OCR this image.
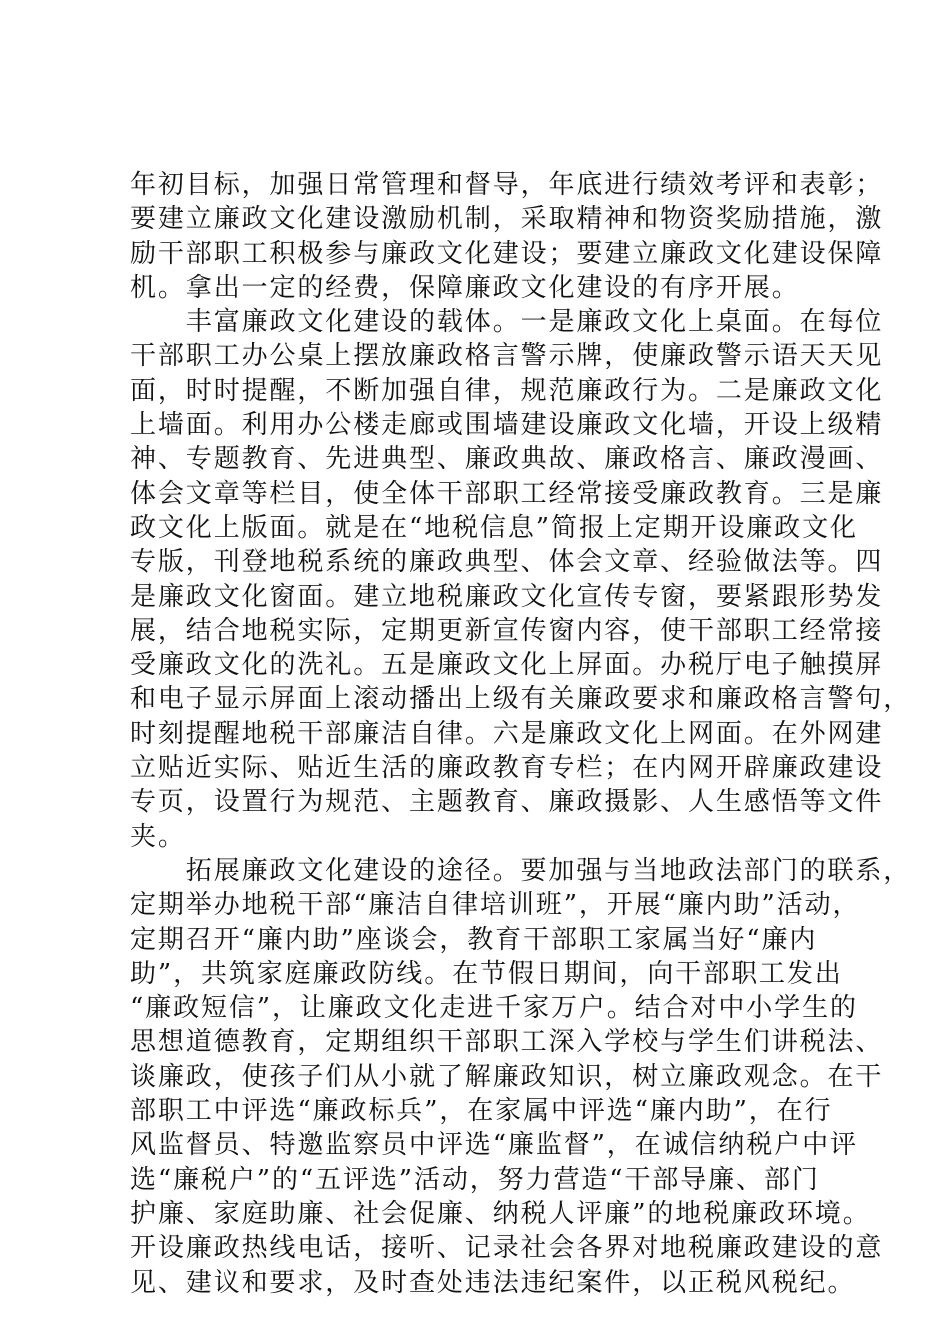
年初目标，加强日常管理和督导，年底进行绩效考评和表彰；
要建立廉政文化建设激励机制，采取精神和物资奖励措施，激
励干部职工积极参与廉政文化建设；要建立廉政文化建设保障
机。拿出一定的经费，保障廉政文化建设的有序开展。
　　丰富廉政文化建设的载体。一是廉政文化上桌面。在每位
干部职工办公桌上摆放廉政格言警示牌，使廉政警示语天天见
面，时时提醒，不断加强自律，规范廉政行为。二是廉政文化
上墙面。利用办公楼走廊或围墙建设廉政文化墙，开设上级精
神、专题教育、先进典型、廉政典故、廉政格言、廉政漫画、
体会文章等栏目，使全体干部职工经常接受廉政教育。三是廉
政文化上版面。就是在“地税信息”简报上定期开设廉政文化
专版，刊登地税系统的廉政典型、体会文章、经验做法等。四
是廉政文化窗面。建立地税廉政文化宣传专窗，要紧跟形势发
展，结合地税实际，定期更新宣传窗内容，使干部职工经常接
受廉政文化的洗礼。五是廉政文化上屏面。办税厅电子触摸屏
和电子显示屏面上滚动播出上级有关廉政要求和廉政格言警句，
时刻提醒地税干部廉洁自律。六是廉政文化上网面。在外网建
立贴近实际、贴近生活的廉政教育专栏；在内网开辟廉政建设
专页，设置行为规范、主题教育、廉政摄影、人生感悟等文件
夹。
　　拓展廉政文化建设的途径。要加强与当地政法部门的联系，
定期举办地税干部“廉洁自律培训班”，开展“廉内助”活动，
定期召开“廉内助”座谈会，教育干部职工家属当好“廉内
助”，共筑家庭廉政防线。在节假日期间，向干部职工发出
“廉政短信”，让廉政文化走进千家万户。结合对中小学生的
思想道德教育，定期组织干部职工深入学校与学生们讲税法、
谈廉政，使孩子们从小就了解廉政知识，树立廉政观念。在干
部职工中评选“廉政标兵”，在家属中评选“廉内助”，在行
风监督员、特邀监察员中评选“廉监督”，在诚信纳税户中评
选“廉税户”的“五评选”活动，努力营造“干部导廉、部门
护廉、家庭助廉、社会促廉、纳税人评廉”的地税廉政环境。
开设廉政热线电话，接听、记录社会各界对地税廉政建设的意
见、建议和要求，及时查处违法违纪案件，以正税风税纪。
